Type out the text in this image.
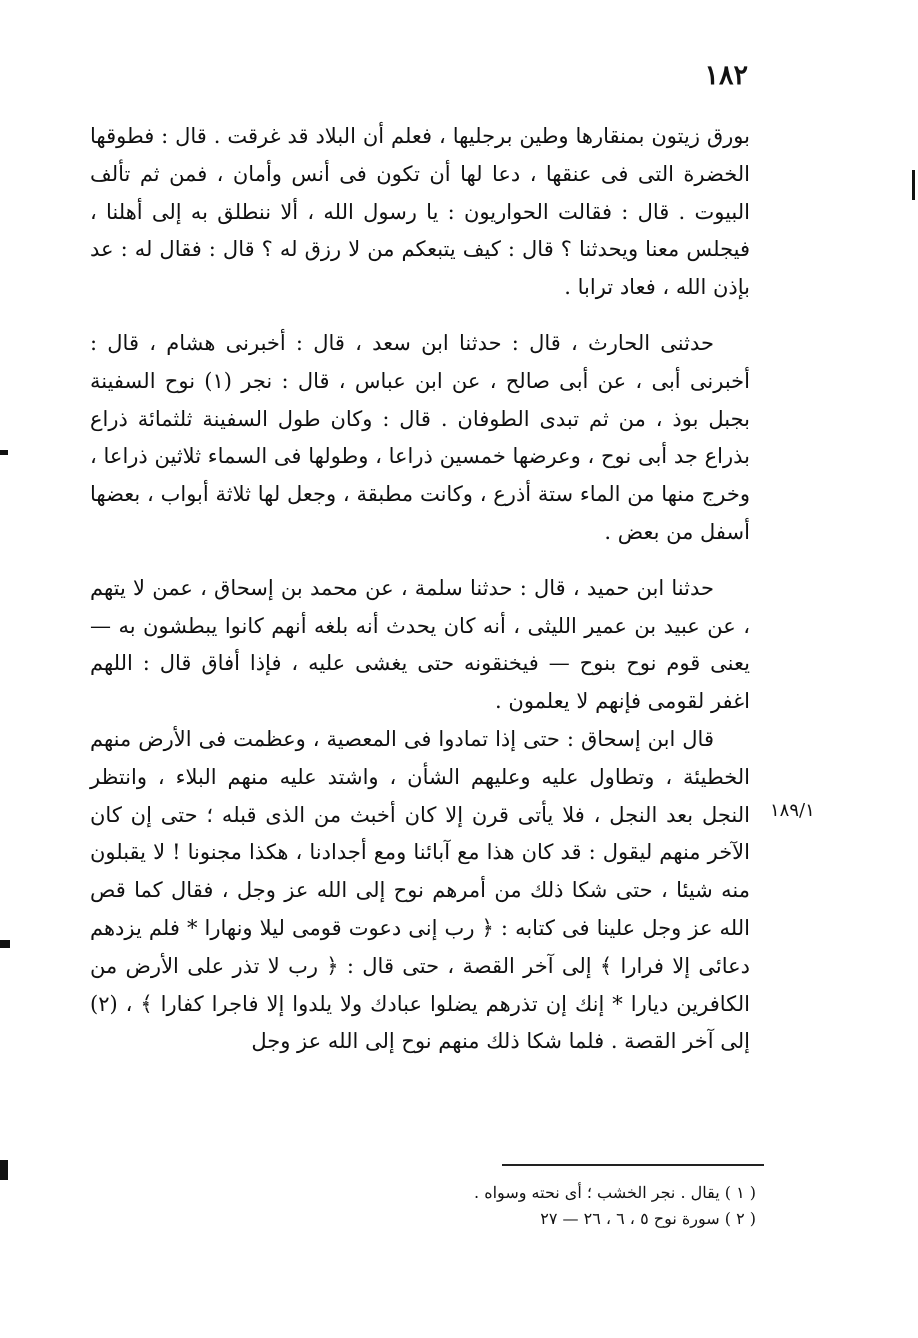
١٨٢

بورق زيتون بمنقارها وطين برجليها ، فعلم أن البلاد قد غرقت . قال : فطوقها الخضرة التى فى عنقها ، دعا لها أن تكون فى أنس وأمان ، فمن ثم تألف البيوت . قال : فقالت الحواريون : يا رسول الله ، ألا ننطلق به إلى أهلنا ، فيجلس معنا ويحدثنا ؟ قال : كيف يتبعكم من لا رزق له ؟ قال : فقال له : عد بإذن الله ، فعاد ترابا .

حدثنى الحارث ، قال : حدثنا ابن سعد ، قال : أخبرنى هشام ، قال : أخبرنى أبى ، عن أبى صالح ، عن ابن عباس ، قال : نجر (١) نوح السفينة بجبل بوذ ، من ثم تبدى الطوفان . قال : وكان طول السفينة ثلثمائة ذراع بذراع جد أبى نوح ، وعرضها خمسين ذراعا ، وطولها فى السماء ثلاثين ذراعا ، وخرج منها من الماء ستة أذرع ، وكانت مطبقة ، وجعل لها ثلاثة أبواب ، بعضها أسفل من بعض .

حدثنا ابن حميد ، قال : حدثنا سلمة ، عن محمد بن إسحاق ، عمن لا يتهم ، عن عبيد بن عمير الليثى ، أنه كان يحدث أنه بلغه أنهم كانوا يبطشون به — يعنى قوم نوح بنوح — فيخنقونه حتى يغشى عليه ، فإذا أفاق قال : اللهم اغفر لقومى فإنهم لا يعلمون .

قال ابن إسحاق : حتى إذا تمادوا فى المعصية ، وعظمت فى الأرض منهم الخطيئة ، وتطاول عليه وعليهم الشأن ، واشتد عليه منهم البلاء ، وانتظر النجل بعد النجل ، فلا يأتى قرن إلا كان أخبث من الذى قبله ؛ حتى إن كان الآخر منهم ليقول : قد كان هذا مع آبائنا ومع أجدادنا ، هكذا مجنونا ! لا يقبلون منه شيئا ، حتى شكا ذلك من أمرهم نوح إلى الله عز وجل ، فقال كما قص الله عز وجل علينا فى كتابه : ﴿ رب إنى دعوت قومى ليلا ونهارا * فلم يزدهم دعائى إلا فرارا ﴾ إلى آخر القصة ، حتى قال : ﴿ رب لا تذر على الأرض من الكافرين ديارا * إنك إن تذرهم يضلوا عبادك ولا يلدوا إلا فاجرا كفارا ﴾ ، (٢) إلى آخر القصة . فلما شكا ذلك منهم نوح إلى الله عز وجل

١٨٩/١

( ١ ) يقال . نجر الخشب ؛ أى نحته وسواه .

( ٢ ) سورة نوح ٥ ، ٦ ، ٢٦ — ٢٧
